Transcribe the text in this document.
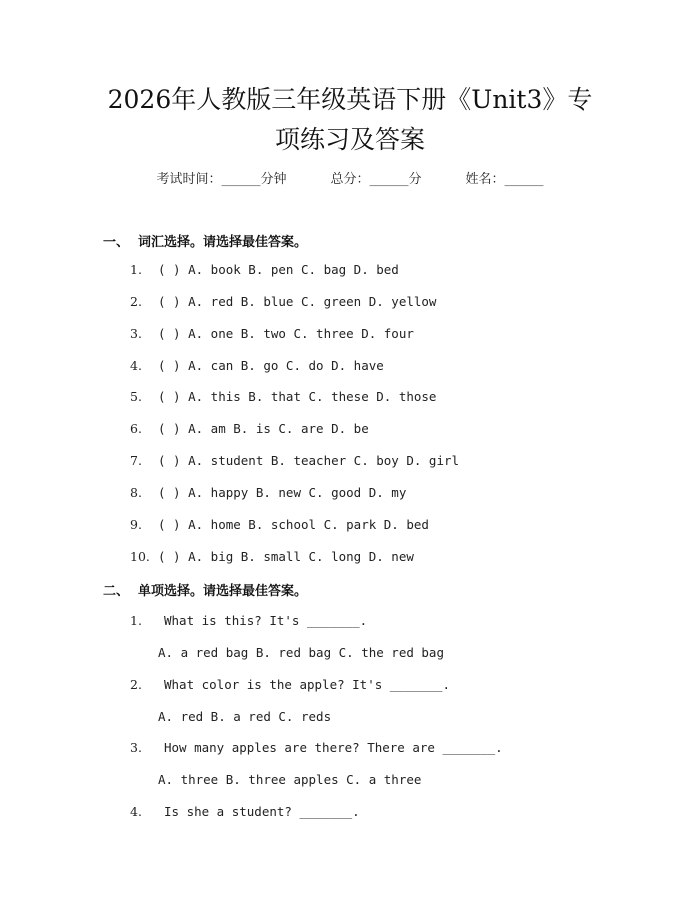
2026年人教版三年级英语下册《Unit3》专
项练习及答案
考试时间：______分钟	总分：______分	姓名：______
一、 词汇选择。请选择最佳答案。
1. ( ) A. book B. pen C. bag D. bed
2. ( ) A. red B. blue C. green D. yellow
3. ( ) A. one B. two C. three D. four
4. ( ) A. can B. go C. do D. have
5. ( ) A. this B. that C. these D. those
6. ( ) A. am B. is C. are D. be
7. ( ) A. student B. teacher C. boy D. girl
8. ( ) A. happy B. new C. good D. my
9. ( ) A. home B. school C. park D. bed
10. ( ) A. big B. small C. long D. new
二、 单项选择。请选择最佳答案。
1. What is this? It's _______.
A. a red bag B. red bag C. the red bag
2. What color is the apple? It's _______.
A. red B. a red C. reds
3. How many apples are there? There are _______.
A. three B. three apples C. a three
4. Is she a student? _______.
